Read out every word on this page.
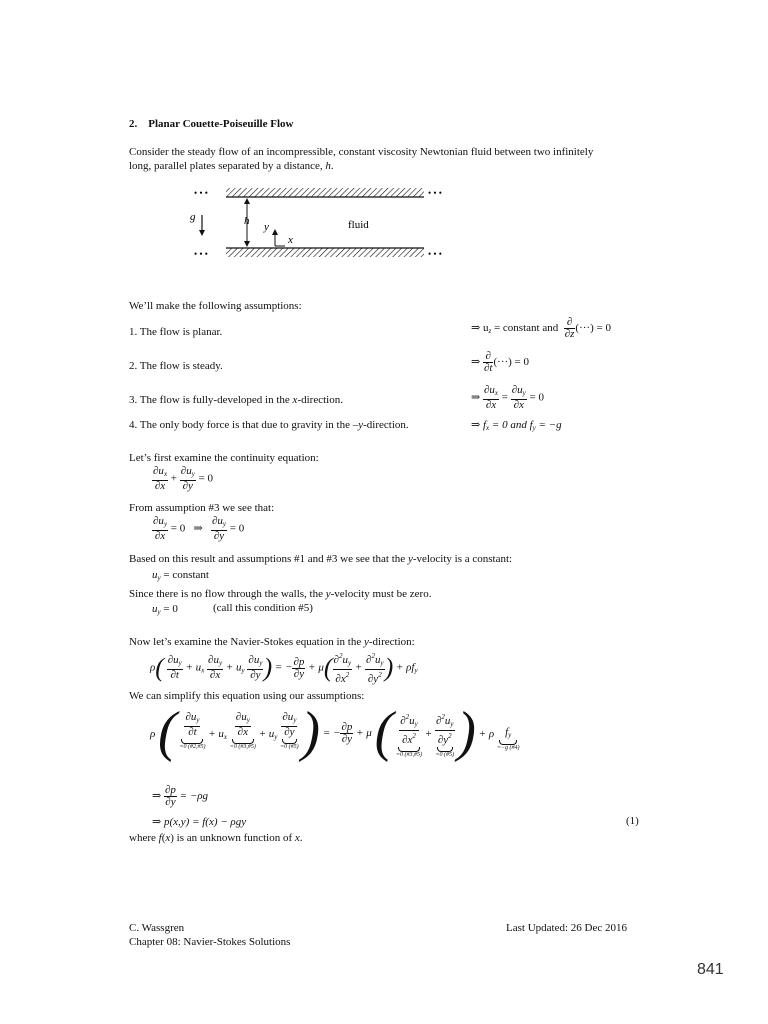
2. Planar Couette-Poiseuille Flow
Consider the steady flow of an incompressible, constant viscosity Newtonian fluid between two infinitely
long, parallel plates separated by a distance, h.
• • •	• • •
• • •	• • •
g	h y
x
fluid
We’ll make the following assumptions:
1. The flow is planar.	⇒ $u_z$ = constant and $\frac{\partial}{\partial z}$ (···) = 0
2. The flow is steady.	⇒ $\frac{\partial}{\partial t}$ (···) = 0
3. The flow is fully-developed in the x-direction.	⇒ $\frac{\partial u_x}{\partial x} = \frac{\partial u_y}{\partial x} = 0$
4. The only body force is that due to gravity in the –y-direction.	⇒ $f_x = 0$ and $f_y = -g$
Let’s first examine the continuity equation:
$\frac{\partial u_x}{\partial x} + \frac{\partial u_y}{\partial y} = 0$
From assumption #3 we see that:
$\frac{\partial u_y}{\partial x} = 0$   ⇒ $\frac{\partial u_y}{\partial y} = 0$
Based on this result and assumptions #1 and #3 we see that the y-velocity is a constant:
$u_y$ = constant
Since there is no flow through the walls, the y-velocity must be zero.
$u_y = 0$	(call this condition #5)
Now let’s examine the Navier-Stokes equation in the y-direction:
$\rho( \frac{\partial u_y}{\partial t} + u_x \frac{\partial u_y}{\partial x} + u_y \frac{\partial u_y}{\partial y}$ ) = − $\frac{\partial p}{\partial y} + \mu( \frac{\partial^2u_y}{\partial x^2} + \frac{\partial^2u_y}{\partial y^2}$ ) + $\rho f_y$
We can simplify this equation using our assumptions:
ρ ( $\frac{\partial u_y}{\partial t}$
=0 (#2,#5)
+ $u_x \frac{\partial u_y}{\partial x}$
=0 (#3,#5)
+ $u_y \frac{\partial u_y}{\partial y}$
=0 (#5) ) = − $\frac{\partial p}{\partial y} + \mu$ ( $\frac{\partial^2u_y}{\partial x^2}$
=0 (#3,#5)
+ $\frac{\partial^2u_y}{\partial y^2}$
=0 (#5) ) + ρ $f_y$
=−g (#4)
⇒ $\frac{\partial p}{\partial y} = -\rho g$
⇒ p(x,y) = f(x) − ρgy	(1)
where f(x) is an unknown function of x.
C. Wassgren
Chapter 08: Navier-Stokes Solutions
Last Updated: 26 Dec 2016
841
